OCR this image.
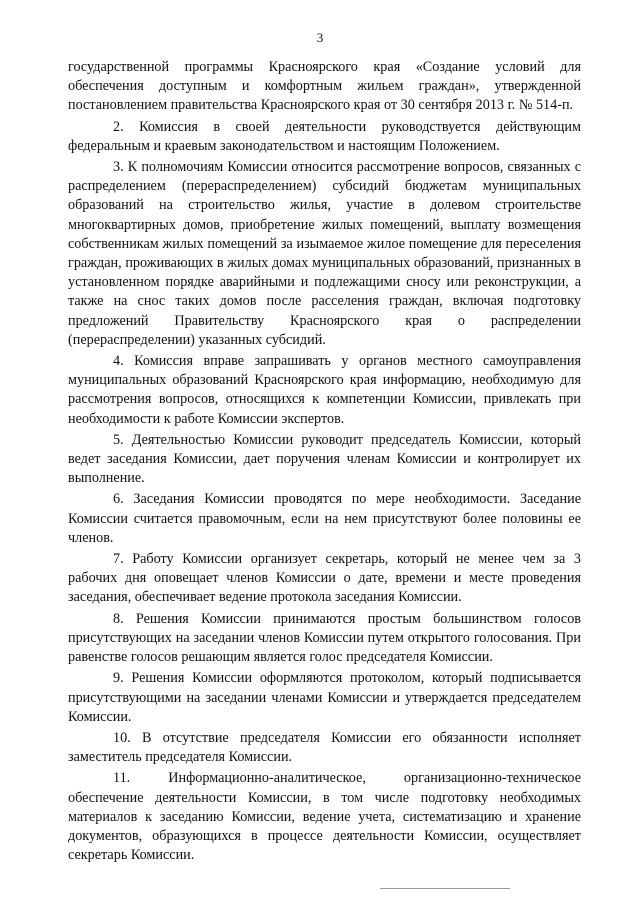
3

государственной программы Красноярского края «Создание условий для обеспечения доступным и комфортным жильем граждан», утвержденной постановлением правительства Красноярского края от 30 сентября 2013 г. № 514-п.

2. Комиссия в своей деятельности руководствуется действующим федеральным и краевым законодательством и настоящим Положением.

3. К полномочиям Комиссии относится рассмотрение вопросов, связанных с распределением (перераспределением) субсидий бюджетам муниципальных образований на строительство жилья, участие в долевом строительстве многоквартирных домов, приобретение жилых помещений, выплату возмещения собственникам жилых помещений за изымаемое жилое помещение для переселения граждан, проживающих в жилых домах муниципальных образований, признанных в установленном порядке аварийными и подлежащими сносу или реконструкции, а также на снос таких домов после расселения граждан, включая подготовку предложений Правительству Красноярского края о распределении (перераспределении) указанных субсидий.

4. Комиссия вправе запрашивать у органов местного самоуправления муниципальных образований Красноярского края информацию, необходимую для рассмотрения вопросов, относящихся к компетенции Комиссии, привлекать при необходимости к работе Комиссии экспертов.

5. Деятельностью Комиссии руководит председатель Комиссии, который ведет заседания Комиссии, дает поручения членам Комиссии и контролирует их выполнение.

6. Заседания Комиссии проводятся по мере необходимости. Заседание Комиссии считается правомочным, если на нем присутствуют более половины ее членов.

7. Работу Комиссии организует секретарь, который не менее чем за 3 рабочих дня оповещает членов Комиссии о дате, времени и месте проведения заседания, обеспечивает ведение протокола заседания Комиссии.

8. Решения Комиссии принимаются простым большинством голосов присутствующих на заседании членов Комиссии путем открытого голосования. При равенстве голосов решающим является голос председателя Комиссии.

9. Решения Комиссии оформляются протоколом, который подписывается присутствующими на заседании членами Комиссии и утверждается председателем Комиссии.

10. В отсутствие председателя Комиссии его обязанности исполняет заместитель председателя Комиссии.

11. Информационно-аналитическое, организационно-техническое обеспечение деятельности Комиссии, в том числе подготовку необходимых материалов к заседанию Комиссии, ведение учета, систематизацию и хранение документов, образующихся в процессе деятельности Комиссии, осуществляет секретарь Комиссии.
